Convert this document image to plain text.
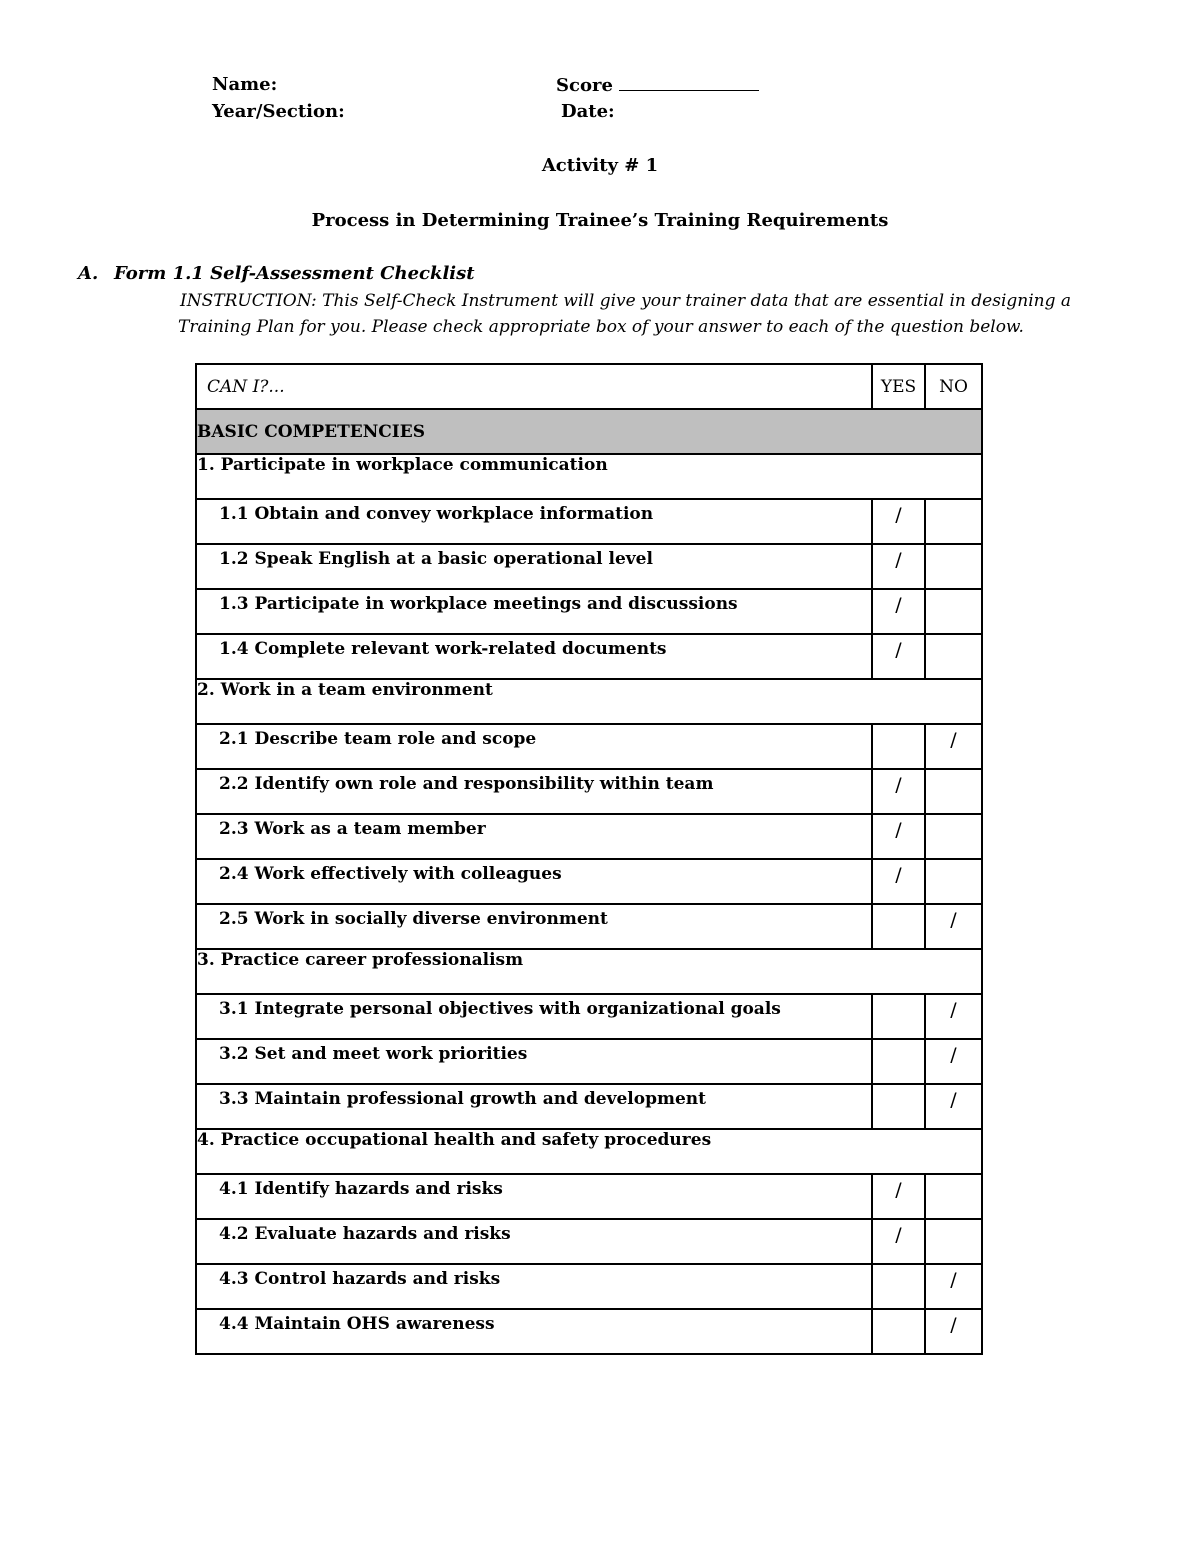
Name:	Score
Year/Section:	Date:
Activity # 1
Process in Determining Trainee’s Training Requirements
A. Form 1.1 Self-Assessment Checklist
INSTRUCTION: This Self-Check Instrument will give your trainer data that are essential in designing a
Training Plan for you. Please check appropriate box of your answer to each of the question below.
CAN I?...	YES	NO
BASIC COMPETENCIES		
1. Participate in workplace communication		
1.1 Obtain and convey workplace information	/	
1.2 Speak English at a basic operational level	/	
1.3 Participate in workplace meetings and discussions	/	
1.4 Complete relevant work-related documents	/	
2. Work in a team environment		
2.1 Describe team role and scope		/
2.2 Identify own role and responsibility within team	/	
2.3 Work as a team member	/	
2.4 Work effectively with colleagues	/	
2.5 Work in socially diverse environment		/
3. Practice career professionalism		
3.1 Integrate personal objectives with organizational goals		/
3.2 Set and meet work priorities		/
3.3 Maintain professional growth and development		/
4. Practice occupational health and safety procedures		
4.1 Identify hazards and risks	/	
4.2 Evaluate hazards and risks	/	
4.3 Control hazards and risks		/
4.4 Maintain OHS awareness		/
